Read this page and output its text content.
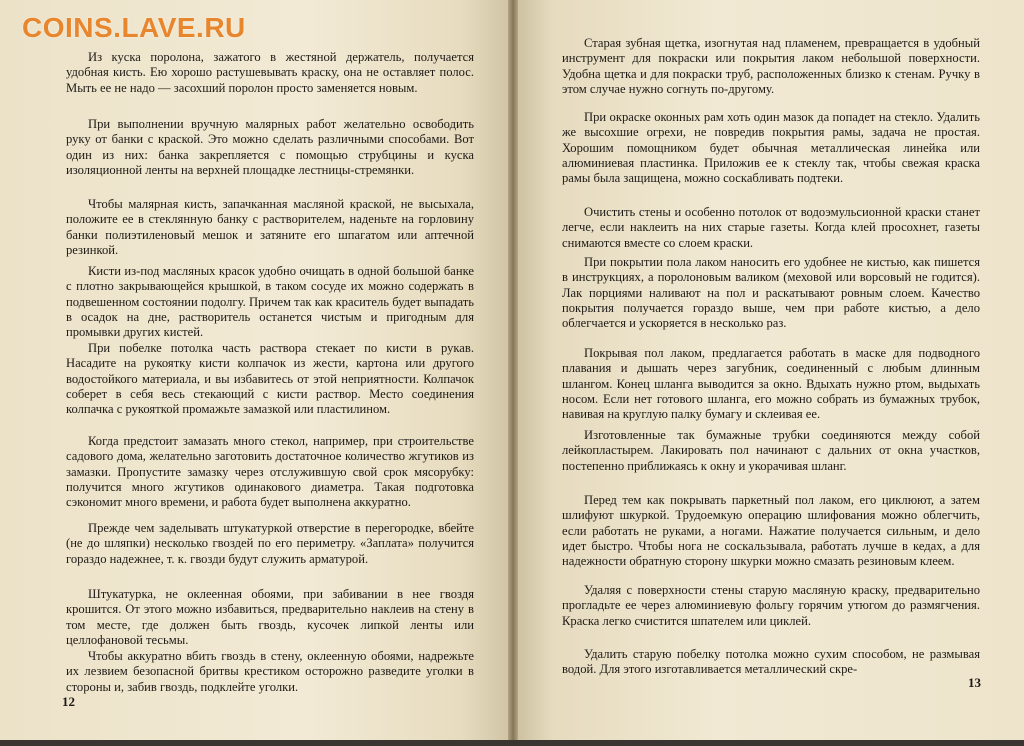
Из куска поролона, зажатого в жестяной держатель, получается удобная кисть. Ею хорошо растушевывать краску, она не оставляет полос. Мыть ее не надо — засохший поролон просто заменяется новым.

При выполнении вручную малярных работ желательно освободить руку от банки с краской. Это можно сделать различными способами. Вот один из них: банка закрепляется с помощью струбцины и куска изоляционной ленты на верхней площадке лестницы-стремянки.

Чтобы малярная кисть, запачканная масляной краской, не высыхала, положите ее в стеклянную банку с растворителем, наденьте на горловину банки полиэтиленовый мешок и затяните его шпагатом или аптечной резинкой.

Кисти из-под масляных красок удобно очищать в одной большой банке с плотно закрывающейся крышкой, в таком сосуде их можно содержать в подвешенном состоянии подолгу. Причем так как краситель будет выпадать в осадок на дне, растворитель останется чистым и пригодным для промывки других кистей.

При побелке потолка часть раствора стекает по кисти в рукав. Насадите на рукоятку кисти колпачок из жести, картона или другого водостойкого материала, и вы избавитесь от этой неприятности. Колпачок соберет в себя весь стекающий с кисти раствор. Место соединения колпачка с рукояткой промажьте замазкой или пластилином.

Когда предстоит замазать много стекол, например, при строительстве садового дома, желательно заготовить достаточное количество жгутиков из замазки. Пропустите замазку через отслужившую свой срок мясорубку: получится много жгутиков одинакового диаметра. Такая подготовка сэкономит много времени, и работа будет выполнена аккуратно.

Прежде чем заделывать штукатуркой отверстие в перегородке, вбейте (не до шляпки) несколько гвоздей по его периметру. «Заплата» получится гораздо надежнее, т. к. гвозди будут служить арматурой.

Штукатурка, не оклеенная обоями, при забивании в нее гвоздя крошится. От этого можно избавиться, предварительно наклеив на стену в том месте, где должен быть гвоздь, кусочек липкой ленты или целлофановой тесьмы.

Чтобы аккуратно вбить гвоздь в стену, оклеенную обоями, надрежьте их лезвием безопасной бритвы крестиком осторожно разведите уголки в стороны и, забив гвоздь, подклейте уголки.

12

Старая зубная щетка, изогнутая над пламенем, превращается в удобный инструмент для покраски или покрытия лаком небольшой поверхности. Удобна щетка и для покраски труб, расположенных близко к стенам. Ручку в этом случае нужно согнуть по-другому.

При окраске оконных рам хоть один мазок да попадет на стекло. Удалить же высохшие огрехи, не повредив покрытия рамы, задача не простая. Хорошим помощником будет обычная металлическая линейка или алюминиевая пластинка. Приложив ее к стеклу так, чтобы свежая краска рамы была защищена, можно соскабливать подтеки.

Очистить стены и особенно потолок от водоэмульсионной краски станет легче, если наклеить на них старые газеты. Когда клей просохнет, газеты снимаются вместе со слоем краски.

При покрытии пола лаком наносить его удобнее не кистью, как пишется в инструкциях, а поролоновым валиком (меховой или ворсовый не годится). Лак порциями наливают на пол и раскатывают ровным слоем. Качество покрытия получается гораздо выше, чем при работе кистью, а дело облегчается и ускоряется в несколько раз.

Покрывая пол лаком, предлагается работать в маске для подводного плавания и дышать через загубник, соединенный с любым длинным шлангом. Конец шланга выводится за окно. Вдыхать нужно ртом, выдыхать носом. Если нет готового шланга, его можно собрать из бумажных трубок, навивая на круглую палку бумагу и склеивая ее.

Изготовленные так бумажные трубки соединяются между собой лейкопластырем. Лакировать пол начинают с дальних от окна участков, постепенно приближаясь к окну и укорачивая шланг.

Перед тем как покрывать паркетный пол лаком, его циклюют, а затем шлифуют шкуркой. Трудоемкую операцию шлифования можно облегчить, если работать не руками, а ногами. Нажатие получается сильным, и дело идет быстро. Чтобы нога не соскальзывала, работать лучше в кедах, а для надежности обратную сторону шкурки можно смазать резиновым клеем.

Удаляя с поверхности стены старую масляную краску, предварительно прогладьте ее через алюминиевую фольгу горячим утюгом до размягчения. Краска легко счистится шпателем или циклей.

Удалить старую побелку потолка можно сухим способом, не размывая водой. Для этого изготавливается металлический скре-

13
COINS.LAVE.RU
